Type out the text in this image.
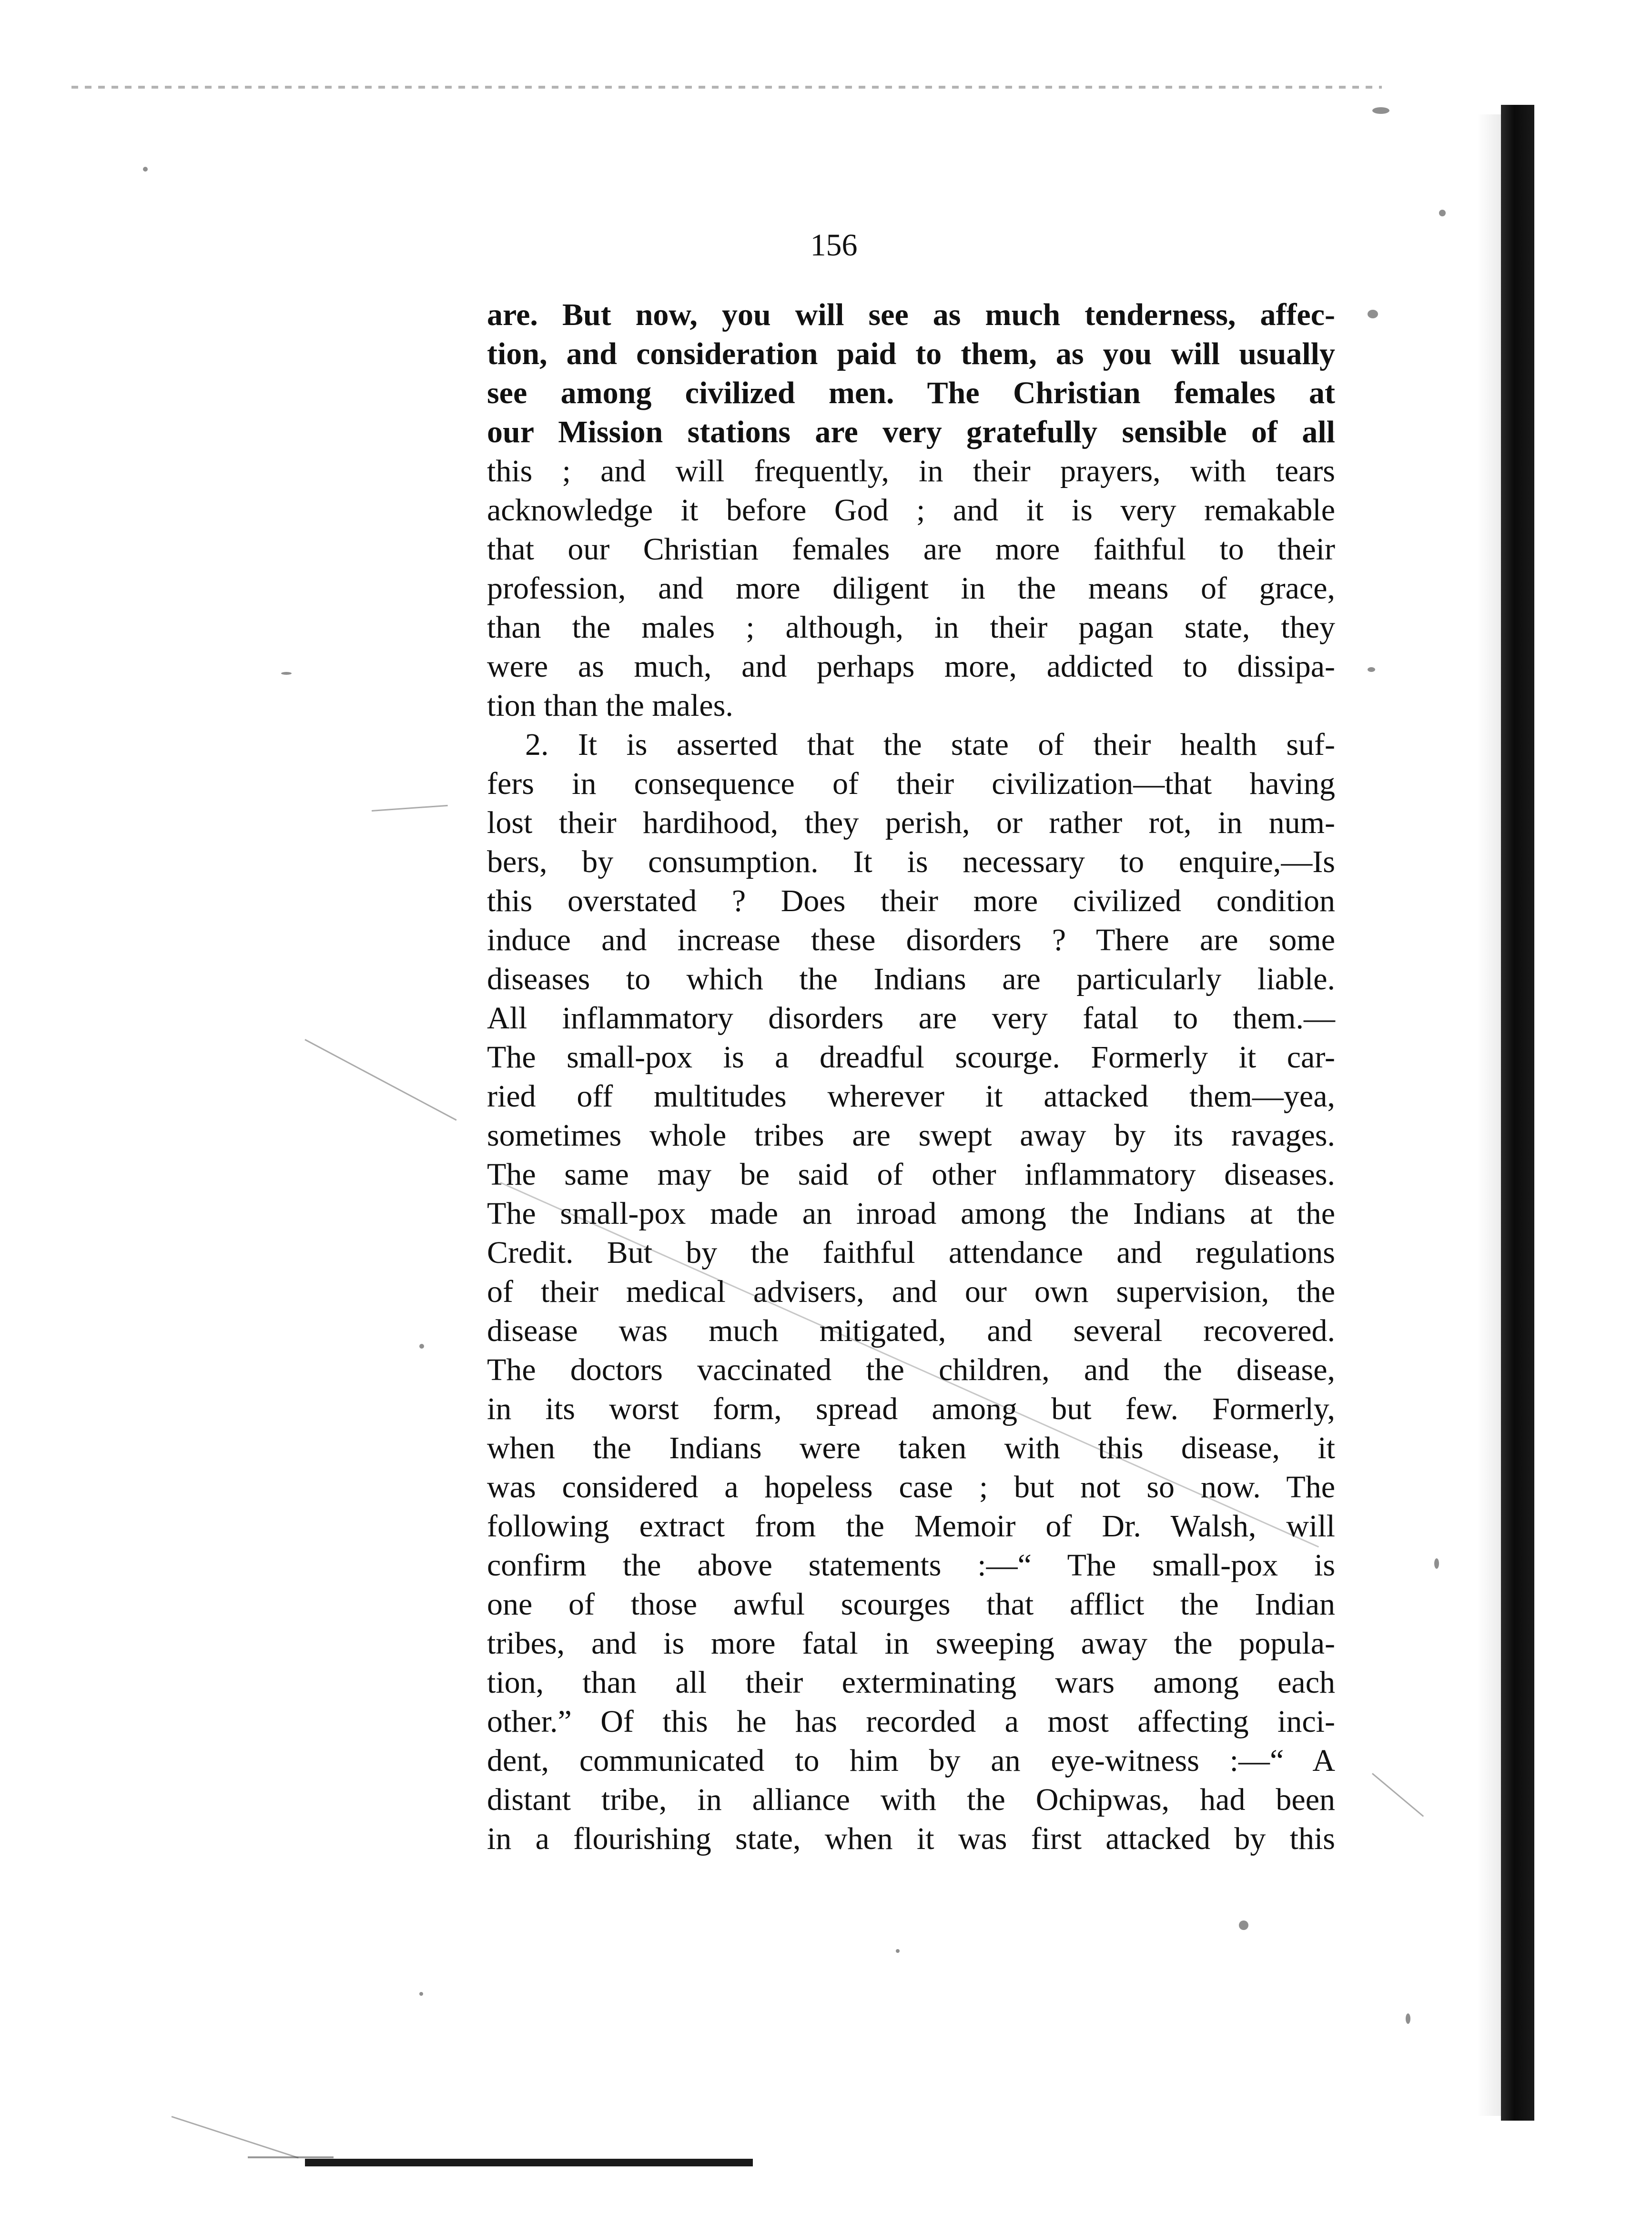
156
are. But now, you will see as much tenderness, affec-
tion, and consideration paid to them, as you will usually
see among civilized men. The Christian females at
our Mission stations are very gratefully sensible of all
this ; and will frequently, in their prayers, with tears
acknowledge it before God ; and it is very remakable
that our Christian females are more faithful to their
profession, and more diligent in the means of grace,
than the males ; although, in their pagan state, they
were as much, and perhaps more, addicted to dissipa-
tion than the males.
2. It is asserted that the state of their health suf-
fers in consequence of their civilization—that having
lost their hardihood, they perish, or rather rot, in num-
bers, by consumption. It is necessary to enquire,—Is
this overstated ? Does their more civilized condition
induce and increase these disorders ? There are some
diseases to which the Indians are particularly liable.
All inflammatory disorders are very fatal to them.—
The small-pox is a dreadful scourge. Formerly it car-
ried off multitudes wherever it attacked them—yea,
sometimes whole tribes are swept away by its ravages.
The same may be said of other inflammatory diseases.
The small-pox made an inroad among the Indians at the
Credit. But by the faithful attendance and regulations
of their medical advisers, and our own supervision, the
disease was much mitigated, and several recovered.
The doctors vaccinated the children, and the disease,
in its worst form, spread among but few. Formerly,
when the Indians were taken with this disease, it
was considered a hopeless case ; but not so now. The
following extract from the Memoir of Dr. Walsh, will
confirm the above statements :—“ The small-pox is
one of those awful scourges that afflict the Indian
tribes, and is more fatal in sweeping away the popula-
tion, than all their exterminating wars among each
other.” Of this he has recorded a most affecting inci-
dent, communicated to him by an eye-witness :—“ A
distant tribe, in alliance with the Ochipwas, had been
in a flourishing state, when it was first attacked by this
